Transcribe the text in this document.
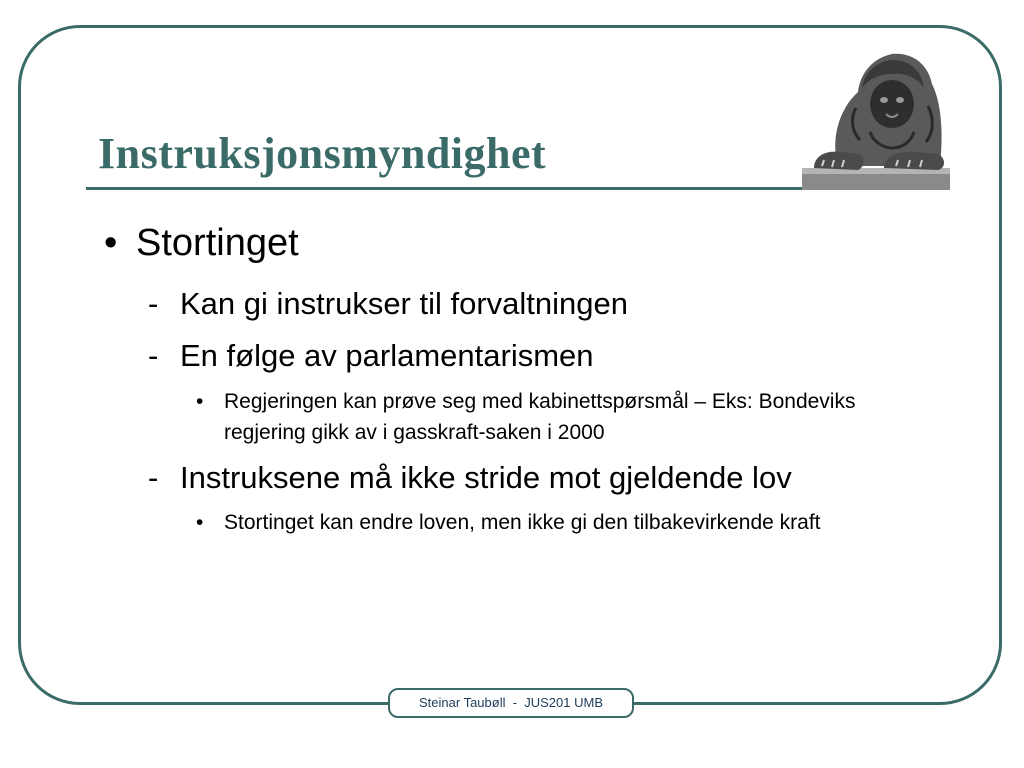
Instruksjonsmyndighet
• Stortinget
- Kan gi instrukser til forvaltningen
- En følge av parlamentarismen
• Regjeringen kan prøve seg med kabinettspørsmål – Eks: Bondeviks regjering gikk av i gasskraft-saken i 2000
- Instruksene må ikke stride mot gjeldende lov
• Stortinget kan endre loven, men ikke gi den tilbakevirkende kraft
Steinar Taubøll  -  JUS201 UMB
